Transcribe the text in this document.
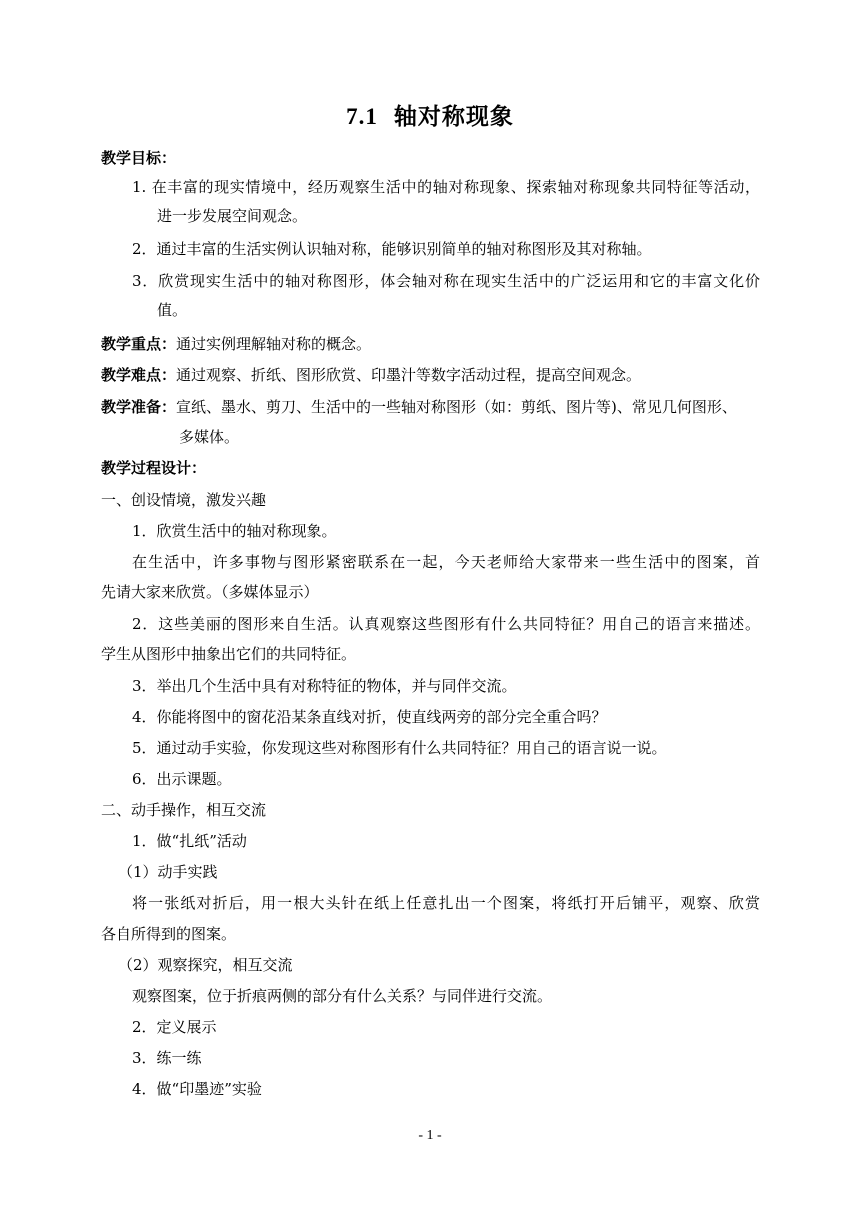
7.1 轴对称现象
教学目标：
1. 在丰富的现实情境中，经历观察生活中的轴对称现象、探索轴对称现象共同特征等活动，
进一步发展空间观念。
2．通过丰富的生活实例认识轴对称，能够识别简单的轴对称图形及其对称轴。
3．欣赏现实生活中的轴对称图形，体会轴对称在现实生活中的广泛运用和它的丰富文化价
值。
教学重点：通过实例理解轴对称的概念。
教学难点：通过观察、折纸、图形欣赏、印墨汁等数字活动过程，提高空间观念。
教学准备：宣纸、墨水、剪刀、生活中的一些轴对称图形（如：剪纸、图片等)、常见几何图形、
多媒体。
教学过程设计：
一、创设情境，激发兴趣
1．欣赏生活中的轴对称现象。
在生活中，许多事物与图形紧密联系在一起，今天老师给大家带来一些生活中的图案，首
先请大家来欣赏。（多媒体显示）
2．这些美丽的图形来自生活。认真观察这些图形有什么共同特征？用自己的语言来描述。
学生从图形中抽象出它们的共同特征。
3．举出几个生活中具有对称特征的物体，并与同伴交流。
4．你能将图中的窗花沿某条直线对折，使直线两旁的部分完全重合吗？
5．通过动手实验，你发现这些对称图形有什么共同特征？用自己的语言说一说。
6．出示课题。
二、动手操作，相互交流
1．做“扎纸”活动
（1）动手实践
将一张纸对折后，用一根大头针在纸上任意扎出一个图案，将纸打开后铺平，观察、欣赏
各自所得到的图案。
（2）观察探究，相互交流
观察图案，位于折痕两侧的部分有什么关系？与同伴进行交流。
2．定义展示
3．练一练
4．做“印墨迹”实验
- 1 -
